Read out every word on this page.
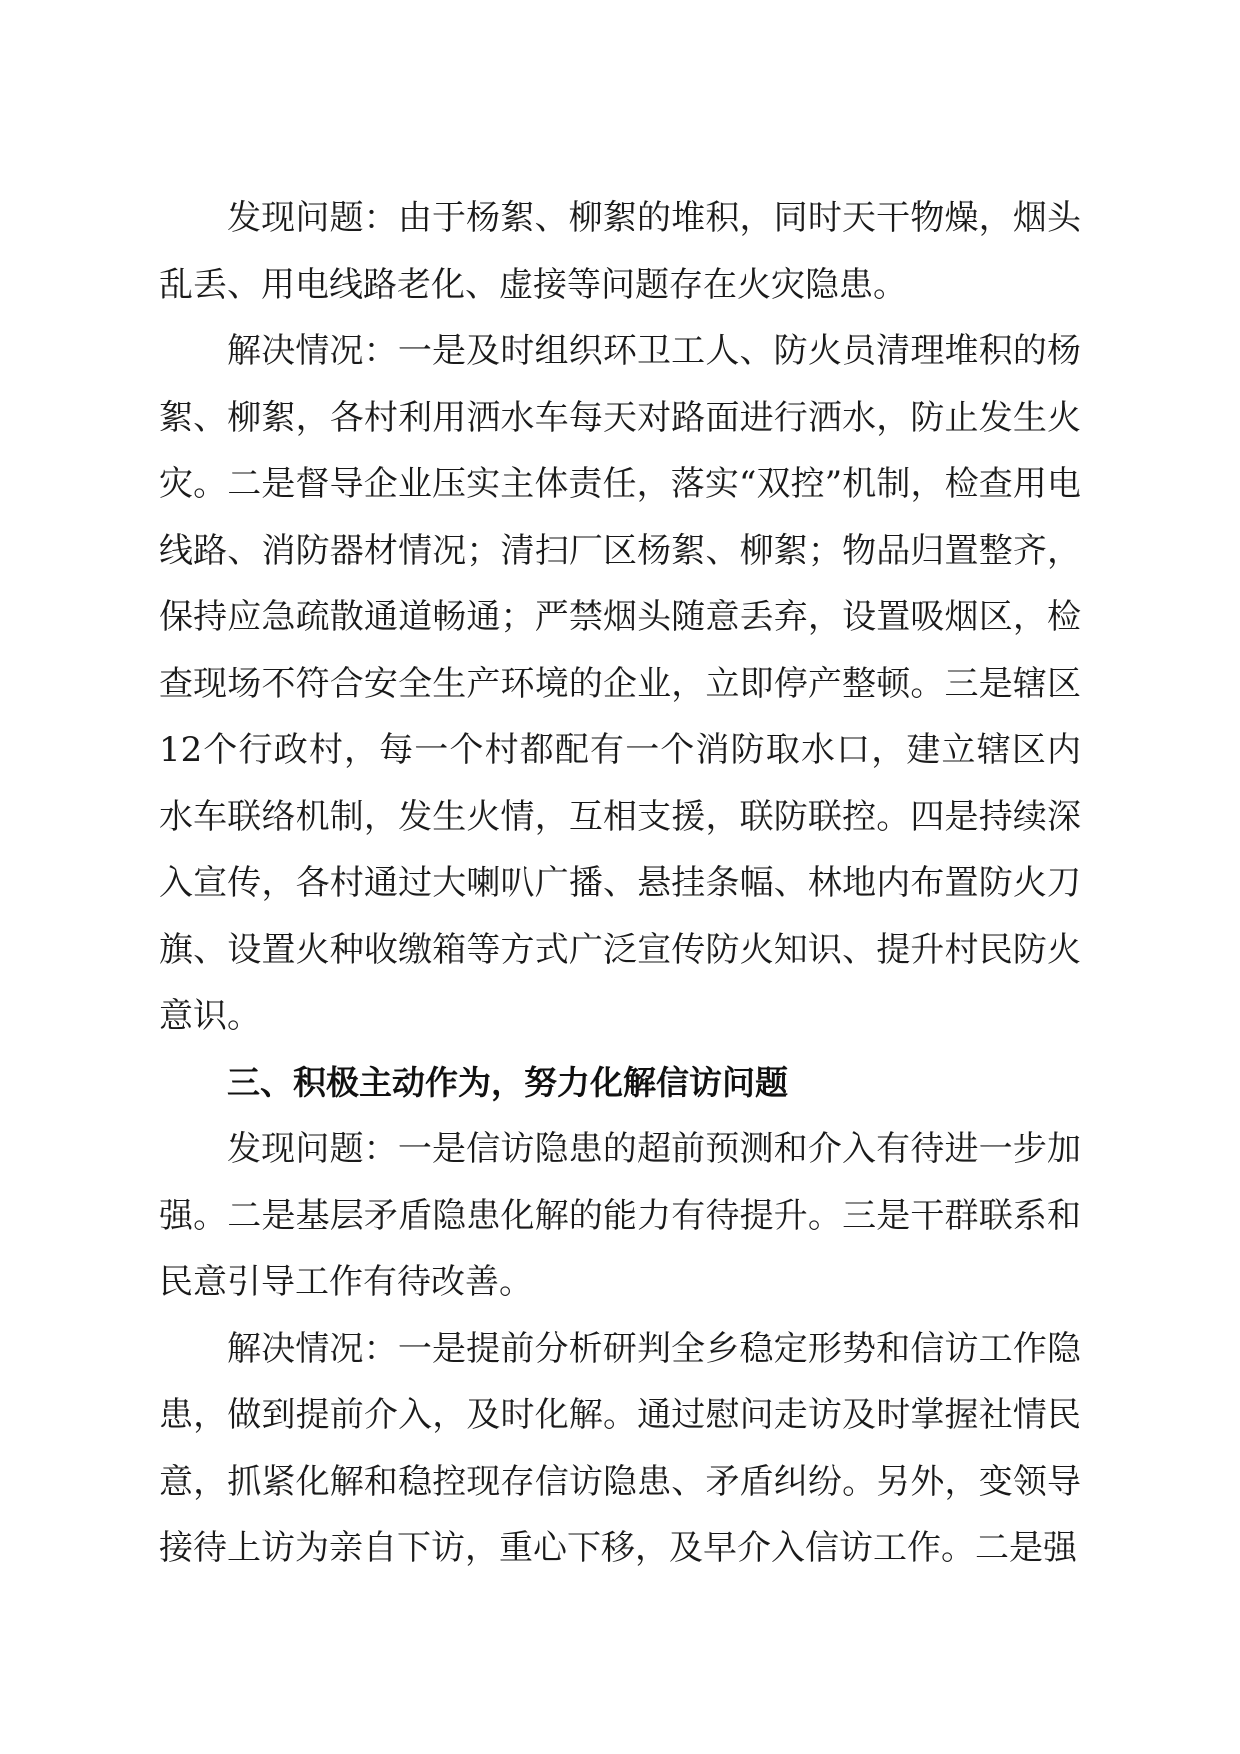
发现问题：由于杨絮、柳絮的堆积，同时天干物燥，烟头乱丢、用电线路老化、虚接等问题存在火灾隐患。

解决情况：一是及时组织环卫工人、防火员清理堆积的杨絮、柳絮，各村利用洒水车每天对路面进行洒水，防止发生火灾。二是督导企业压实主体责任，落实“双控”机制，检查用电线路、消防器材情况；清扫厂区杨絮、柳絮；物品归置整齐，保持应急疏散通道畅通；严禁烟头随意丢弃，设置吸烟区，检查现场不符合安全生产环境的企业，立即停产整顿。三是辖区12个行政村，每一个村都配有一个消防取水口，建立辖区内水车联络机制，发生火情，互相支援，联防联控。四是持续深入宣传，各村通过大喇叭广播、悬挂条幅、林地内布置防火刀旗、设置火种收缴箱等方式广泛宣传防火知识、提升村民防火意识。

三、积极主动作为，努力化解信访问题

发现问题：一是信访隐患的超前预测和介入有待进一步加强。二是基层矛盾隐患化解的能力有待提升。三是干群联系和民意引导工作有待改善。

解决情况：一是提前分析研判全乡稳定形势和信访工作隐患，做到提前介入，及时化解。通过慰问走访及时掌握社情民意，抓紧化解和稳控现存信访隐患、矛盾纠纷。另外，变领导接待上访为亲自下访，重心下移，及早介入信访工作。二是强
